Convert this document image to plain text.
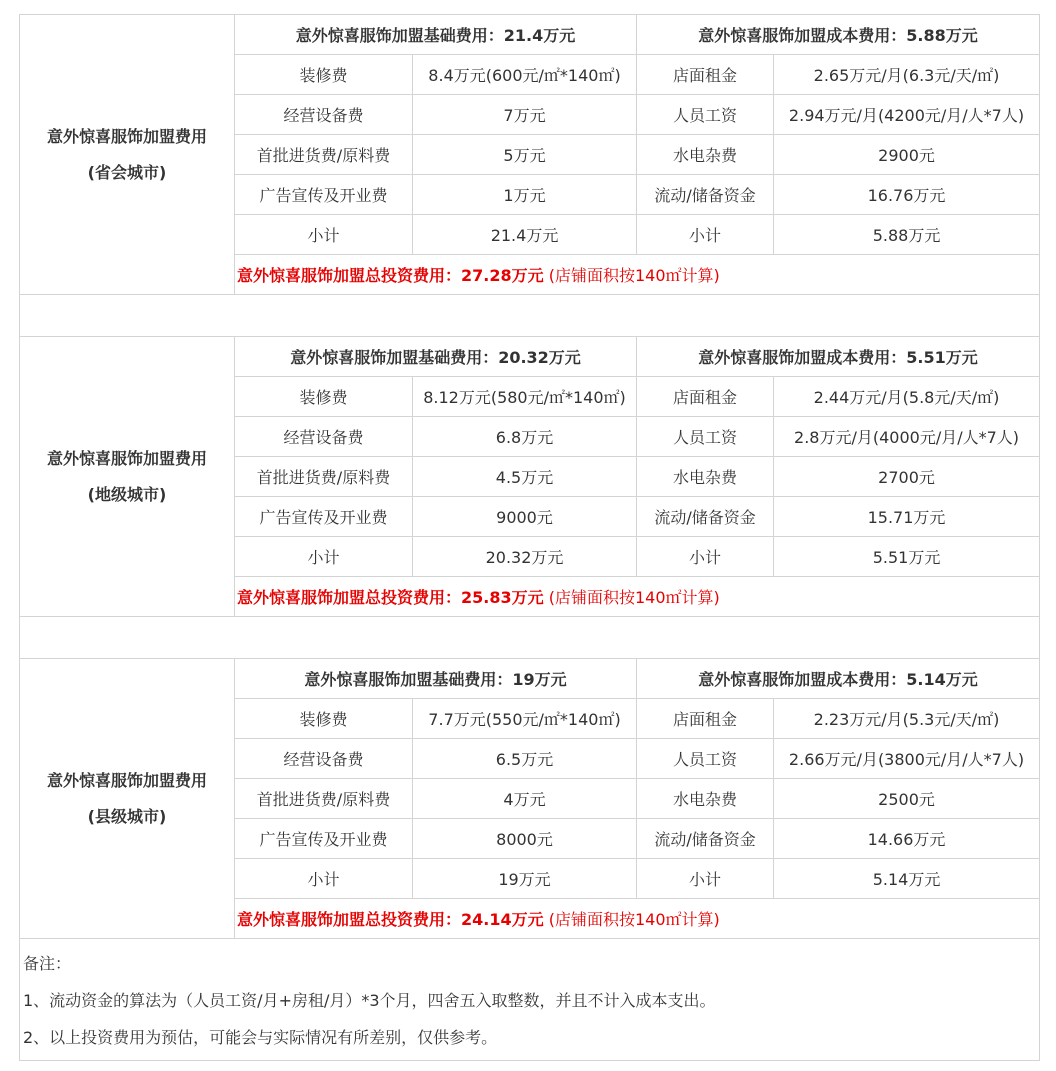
意外惊喜服饰加盟费用
(省会城市)	意外惊喜服饰加盟基础费用：21.4万元		意外惊喜服饰加盟成本费用：5.88万元	
	装修费	8.4万元(600元/㎡*140㎡)	店面租金	2.65万元/月(6.3元/天/㎡)
	经营设备费	7万元	人员工资	2.94万元/月(4200元/月/人*7人)
	首批进货费/原料费	5万元	水电杂费	2900元
	广告宣传及开业费	1万元	流动/储备资金	16.76万元
	小计	21.4万元	小计	5.88万元
	意外惊喜服饰加盟总投资费用：27.28万元 (店铺面积按140㎡计算)			

意外惊喜服饰加盟费用
(地级城市)	意外惊喜服饰加盟基础费用：20.32万元		意外惊喜服饰加盟成本费用：5.51万元	
	装修费	8.12万元(580元/㎡*140㎡)	店面租金	2.44万元/月(5.8元/天/㎡)
	经营设备费	6.8万元	人员工资	2.8万元/月(4000元/月/人*7人)
	首批进货费/原料费	4.5万元	水电杂费	2700元
	广告宣传及开业费	9000元	流动/储备资金	15.71万元
	小计	20.32万元	小计	5.51万元
	意外惊喜服饰加盟总投资费用：25.83万元 (店铺面积按140㎡计算)			

意外惊喜服饰加盟费用
(县级城市)	意外惊喜服饰加盟基础费用：19万元		意外惊喜服饰加盟成本费用：5.14万元	
	装修费	7.7万元(550元/㎡*140㎡)	店面租金	2.23万元/月(5.3元/天/㎡)
	经营设备费	6.5万元	人员工资	2.66万元/月(3800元/月/人*7人)
	首批进货费/原料费	4万元	水电杂费	2500元
	广告宣传及开业费	8000元	流动/储备资金	14.66万元
	小计	19万元	小计	5.14万元
	意外惊喜服饰加盟总投资费用：24.14万元 (店铺面积按140㎡计算)			

备注：
1、流动资金的算法为（人员工资/月+房租/月）*3个月，四舍五入取整数，并且不计入成本支出。
2、以上投资费用为预估，可能会与实际情况有所差别，仅供参考。				
